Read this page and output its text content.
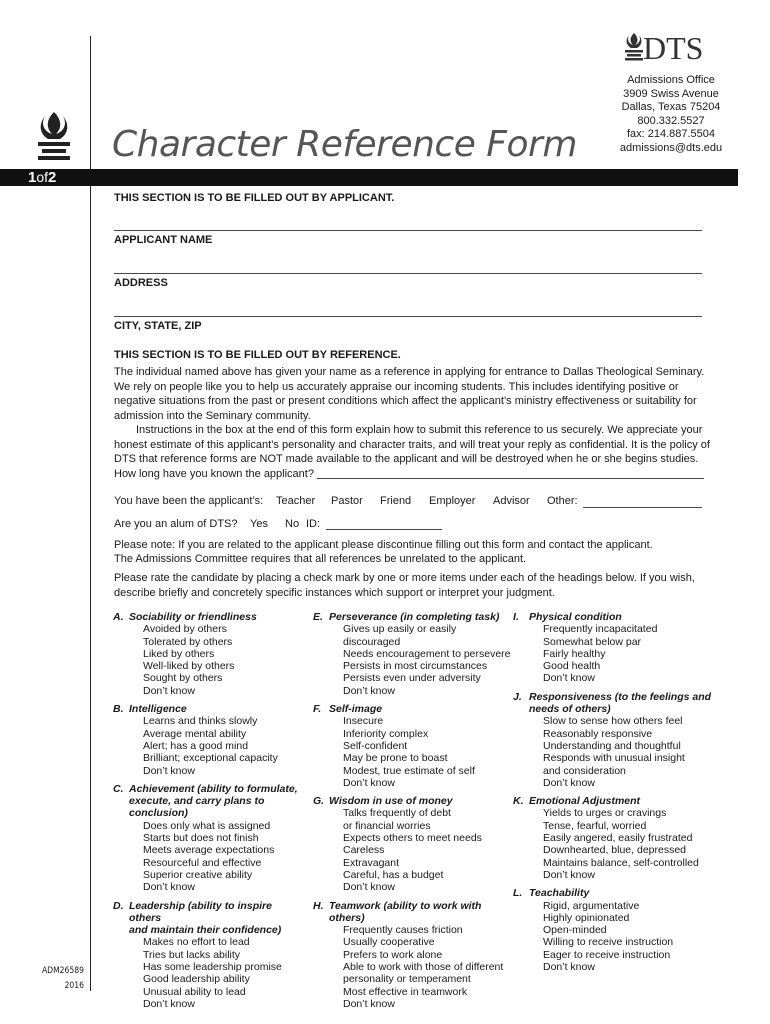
DTS
Character Reference Form
Admissions Office
3909 Swiss Avenue
Dallas, Texas 75204
800.332.5527
fax: 214.887.5504
admissions@dts.edu
1of2
THIS SECTION IS TO BE FILLED OUT BY APPLICANT.
APPLICANT NAME
ADDRESS
CITY, STATE, ZIP
THIS SECTION IS TO BE FILLED OUT BY REFERENCE.
The individual named above has given your name as a reference in applying for entrance to Dallas Theological Seminary. We rely on people like you to help us accurately appraise our incoming students. This includes identifying positive or negative situations from the past or present conditions which affect the applicant’s ministry effectiveness or suitability for admission into the Seminary community.
Instructions in the box at the end of this form explain how to submit this reference to us securely. We appreciate your honest estimate of this applicant’s personality and character traits, and will treat your reply as confidential. It is the policy of DTS that reference forms are NOT made available to the applicant and will be destroyed when he or she begins studies.
How long have you known the applicant?
You have been the applicant’s: Teacher Pastor Friend Employer Advisor Other:
Are you an alum of DTS? Yes No ID:
Please note: If you are related to the applicant please discontinue filling out this form and contact the applicant.
The Admissions Committee requires that all references be unrelated to the applicant.
Please rate the candidate by placing a check mark by one or more items under each of the headings below. If you wish, describe briefly and concretely specific instances which support or interpret your judgment.
A. Sociability or friendliness
Avoided by others
Tolerated by others
Liked by others
Well-liked by others
Sought by others
Don’t know
B. Intelligence
Learns and thinks slowly
Average mental ability
Alert; has a good mind
Brilliant; exceptional capacity
Don’t know
C. Achievement (ability to formulate,
execute, and carry plans to conclusion)
Does only what is assigned
Starts but does not finish
Meets average expectations
Resourceful and effective
Superior creative ability
Don’t know
D. Leadership (ability to inspire others
and maintain their confidence)
Makes no effort to lead
Tries but lacks ability
Has some leadership promise
Good leadership ability
Unusual ability to lead
Don’t know
E. Perseverance (in completing task)
Gives up easily or easily discouraged
Needs encouragement to persevere
Persists in most circumstances
Persists even under adversity
Don’t know
F. Self-image
Insecure
Inferiority complex
Self-confident
May be prone to boast
Modest, true estimate of self
Don’t know
G. Wisdom in use of money
Talks frequently of debt
or financial worries
Expects others to meet needs
Careless
Extravagant
Careful, has a budget
Don’t know
H. Teamwork (ability to work with others)
Frequently causes friction
Usually cooperative
Prefers to work alone
Able to work with those of different
personality or temperament
Most effective in teamwork
Don’t know
I. Physical condition
Frequently incapacitated
Somewhat below par
Fairly healthy
Good health
Don’t know
J. Responsiveness (to the feelings and
needs of others)
Slow to sense how others feel
Reasonably responsive
Understanding and thoughtful
Responds with unusual insight
and consideration
Don’t know
K. Emotional Adjustment
Yields to urges or cravings
Tense, fearful, worried
Easily angered, easily frustrated
Downhearted, blue, depressed
Maintains balance, self-controlled
Don’t know
L. Teachability
Rigid, argumentative
Highly opinionated
Open-minded
Willing to receive instruction
Eager to receive instruction
Don’t know
ADM26589
2016
